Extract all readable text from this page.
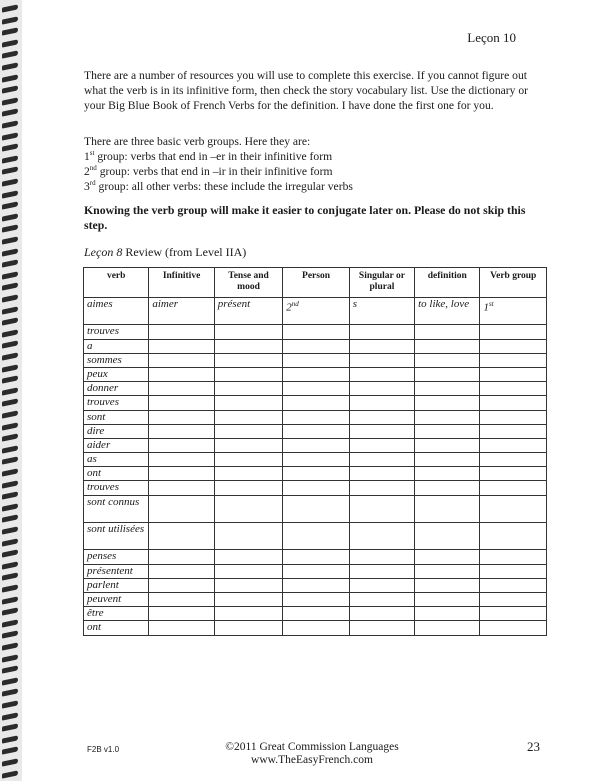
Leçon 10

There are a number of resources you will use to complete this exercise. If you cannot figure out what the verb is in its infinitive form, then check the story vocabulary list. Use the dictionary or your Big Blue Book of French Verbs for the definition. I have done the first one for you.

There are three basic verb groups. Here they are:

1st group: verbs that end in –er in their infinitive form

2nd group: verbs that end in –ir in their infinitive form

3rd group: all other verbs: these include the irregular verbs

Knowing the verb group will make it easier to conjugate later on. Please do not skip this step.

Leçon 8 Review (from Level IIA)
verb	Infinitive	Tense and mood	Person	Singular or plural	definition	Verb group
aimes	aimer	présent	2nd	s	to like, love	1st
trouves						
a						
sommes						
peux						
donner						
trouves						
sont						
dire						
aider						
as						
ont						
trouves						
sont connus						
sont utilisées						
penses						
présentent						
parlent						
peuvent						
être						
ont						
F2B v1.0	©2011 Great Commission Languages
www.TheEasyFrench.com
23
